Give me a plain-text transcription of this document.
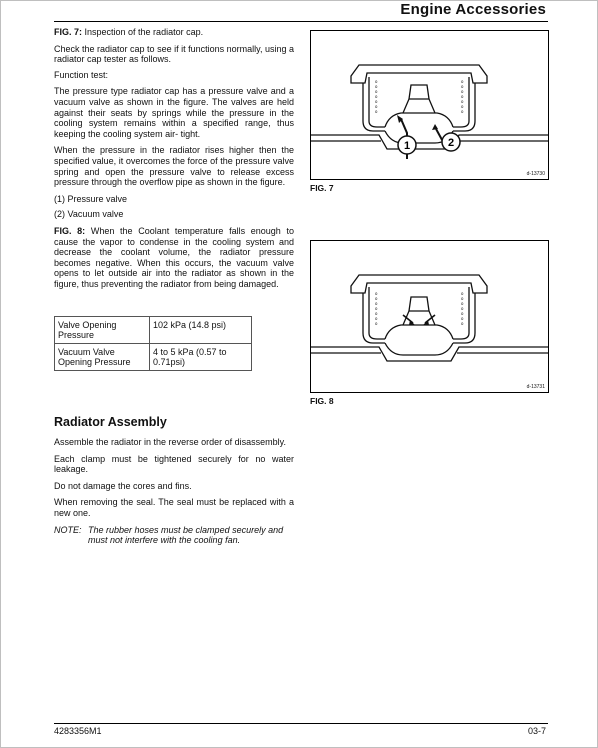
Engine Accessories

FIG. 7: Inspection of the radiator cap.

Check the radiator cap to see if it functions normally, using a radiator cap tester as follows.

Function test:

The pressure type radiator cap has a pressure valve and a vacuum valve as shown in the figure. The valves are held against their seats by springs while the pressure in the cooling system remains within a specified range, thus keeping the cooling system air- tight.

When the pressure in the radiator rises higher then the specified value, it overcomes the force of the pressure valve spring and open the pressure valve to release excess pressure through the overflow pipe as shown in the figure.

(1) Pressure valve

(2) Vacuum valve

FIG. 8: When the Coolant temperature falls enough to cause the vapor to condense in the cooling system and decrease the coolant volume, the radiator pressure becomes negative. When this occurs, the vacuum valve opens to let outside air into the radiator as shown in the figure, thus preventing the radiator from being damaged.

Valve Opening Pressure	102 kPa (14.8 psi)
Vacuum Valve Opening Pressure	4 to 5 kPa (0.57 to 0.71psi)
o
o
o
o
o
o
o
o
o
o
o
o
o
o
1	2
d-13730
FIG. 7
o
o
o
o
o
o
o
o
o
o
o
o
o
o
d-13731
FIG. 8
Radiator Assembly

Assemble the radiator in the reverse order of disassembly.

Each clamp must be tightened securely for no water leakage.

Do not damage the cores and fins.

When removing the seal. The seal must be replaced with a new one.

NOTE: The rubber hoses must be clamped securely and must not interfere with the cooling fan.
4283356M1	03-7
